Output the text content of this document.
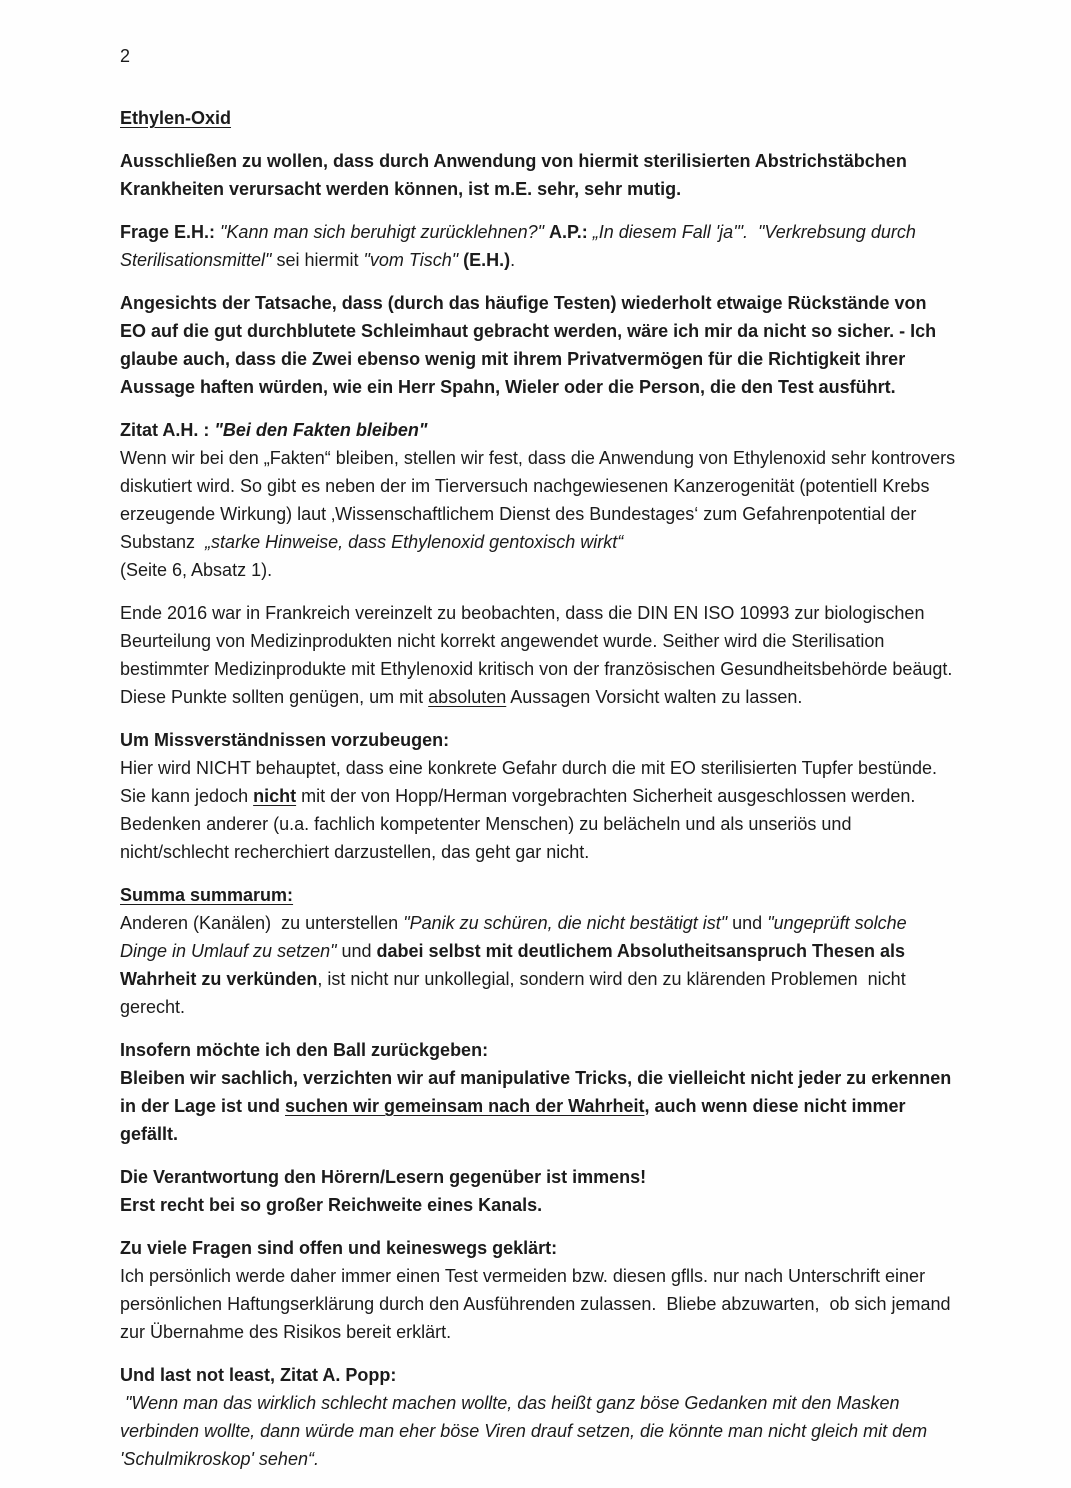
2

Ethylen-Oxid

Ausschließen zu wollen, dass durch Anwendung von hiermit sterilisierten Abstrichstäbchen Krankheiten verursacht werden können, ist m.E. sehr, sehr mutig.

Frage E.H.: "Kann man sich beruhigt zurücklehnen?" A.P.: „In diesem Fall 'ja'".  "Verkrebsung durch Sterilisationsmittel" sei hiermit "vom Tisch" (E.H.).

Angesichts der Tatsache, dass (durch das häufige Testen) wiederholt etwaige Rückstände von EO auf die gut durchblutete Schleimhaut gebracht werden, wäre ich mir da nicht so sicher. - Ich glaube auch, dass die Zwei ebenso wenig mit ihrem Privatvermögen für die Richtigkeit ihrer Aussage haften würden, wie ein Herr Spahn, Wieler oder die Person, die den Test ausführt.

Zitat A.H. : "Bei den Fakten bleiben"

Wenn wir bei den „Fakten“ bleiben, stellen wir fest, dass die Anwendung von Ethylenoxid sehr kontrovers diskutiert wird. So gibt es neben der im Tierversuch nachgewiesenen Kanzerogenität (potentiell Krebs erzeugende Wirkung) laut ‚Wissenschaftlichem Dienst des Bundestages‘ zum Gefahrenpotential der Substanz  „starke Hinweise, dass Ethylenoxid gentoxisch wirkt“
(Seite 6, Absatz 1).

Ende 2016 war in Frankreich vereinzelt zu beobachten, dass die DIN EN ISO 10993 zur biologischen Beurteilung von Medizinprodukten nicht korrekt angewendet wurde. Seither wird die Sterilisation bestimmter Medizinprodukte mit Ethylenoxid kritisch von der französischen Gesundheitsbehörde beäugt. Diese Punkte sollten genügen, um mit absoluten Aussagen Vorsicht walten zu lassen.

Um Missverständnissen vorzubeugen:

Hier wird NICHT behauptet, dass eine konkrete Gefahr durch die mit EO sterilisierten Tupfer bestünde. Sie kann jedoch nicht mit der von Hopp/Herman vorgebrachten Sicherheit ausgeschlossen werden. Bedenken anderer (u.a. fachlich kompetenter Menschen) zu belächeln und als unseriös und nicht/schlecht recherchiert darzustellen, das geht gar nicht.

Summa summarum:

Anderen (Kanälen)  zu unterstellen "Panik zu schüren, die nicht bestätigt ist" und "ungeprüft solche Dinge in Umlauf zu setzen" und dabei selbst mit deutlichem Absolutheitsanspruch Thesen als Wahrheit zu verkünden, ist nicht nur unkollegial, sondern wird den zu klärenden Problemen  nicht gerecht.

Insofern möchte ich den Ball zurückgeben:

Bleiben wir sachlich, verzichten wir auf manipulative Tricks, die vielleicht nicht jeder zu erkennen in der Lage ist und suchen wir gemeinsam nach der Wahrheit, auch wenn diese nicht immer gefällt.

Die Verantwortung den Hörern/Lesern gegenüber ist immens!
Erst recht bei so großer Reichweite eines Kanals.

Zu viele Fragen sind offen und keineswegs geklärt:

Ich persönlich werde daher immer einen Test vermeiden bzw. diesen gflls. nur nach Unterschrift einer persönlichen Haftungserklärung durch den Ausführenden zulassen.  Bliebe abzuwarten,  ob sich jemand zur Übernahme des Risikos bereit erklärt.

Und last not least, Zitat A. Popp:

"Wenn man das wirklich schlecht machen wollte, das heißt ganz böse Gedanken mit den Masken verbinden wollte, dann würde man eher böse Viren drauf setzen, die könnte man nicht gleich mit dem 'Schulmikroskop' sehen“.
